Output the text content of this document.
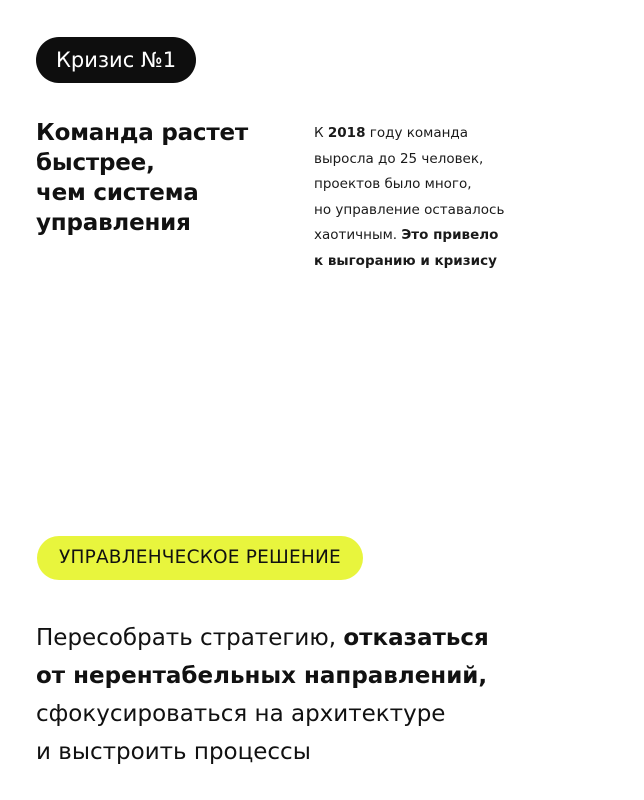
Кризис №1
Команда растет
быстрее,
чем система
управления
К 2018 году команда
выросла до 25 человек,
проектов было много,
но управление оставалось
хаотичным. Это привело
к выгоранию и кризису
УПРАВЛЕНЧЕСКОЕ РЕШЕНИЕ
Пересобрать стратегию, отказаться
от нерентабельных направлений,
сфокусироваться на архитектуре
и выстроить процессы
